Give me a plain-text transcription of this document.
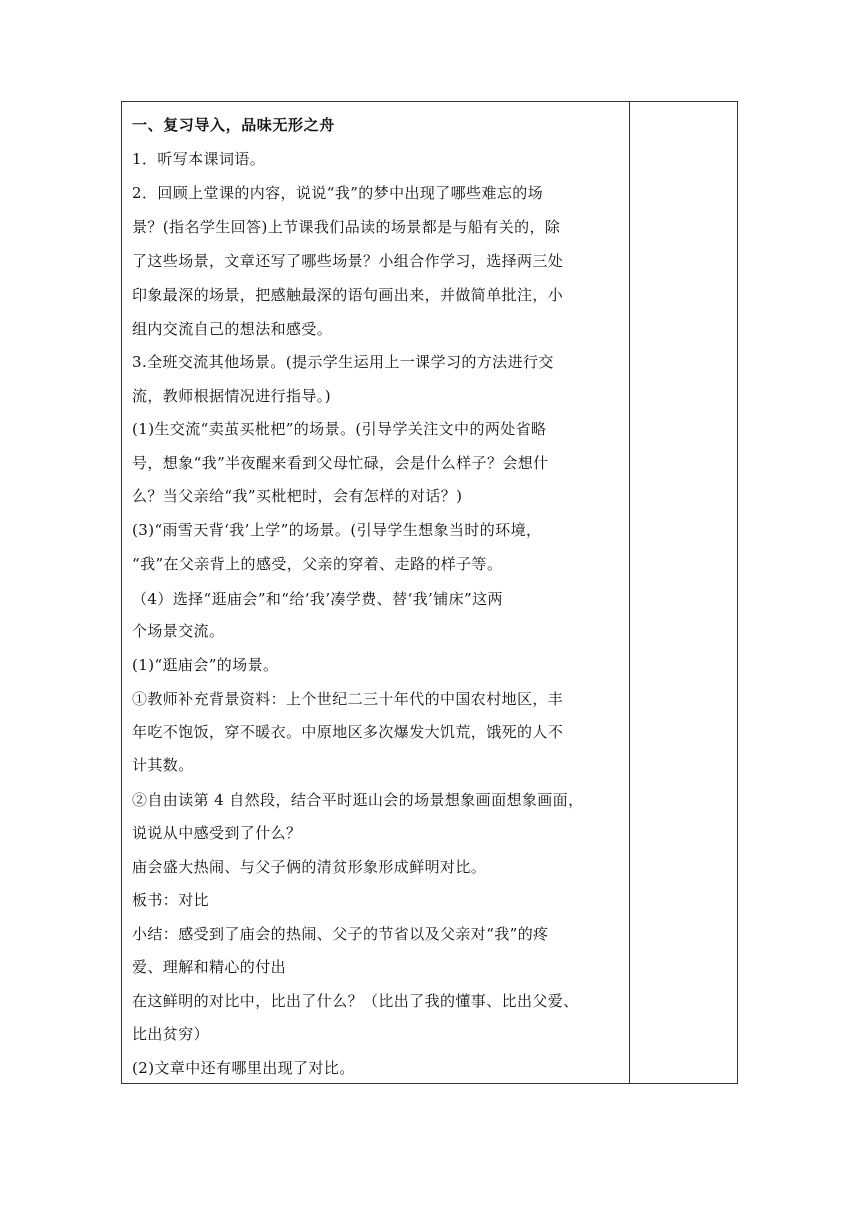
一、复习导入，品味无形之舟
1．听写本课词语。
2．回顾上堂课的内容，说说“我”的梦中出现了哪些难忘的场
景？(指名学生回答)上节课我们品读的场景都是与船有关的，除
了这些场景，文章还写了哪些场景？小组合作学习，选择两三处
印象最深的场景，把感触最深的语句画出来，并做简单批注，小
组内交流自己的想法和感受。
3.全班交流其他场景。(提示学生运用上一课学习的方法进行交
流，教师根据情况进行指导。)
(1)生交流“卖茧买枇杷”的场景。(引导学关注文中的两处省略
号，想象“我”半夜醒来看到父母忙碌，会是什么样子？会想什
么？当父亲给“我”买枇杷时，会有怎样的对话？)
(3)“雨雪天背‘我’上学”的场景。(引导学生想象当时的环境，
“我”在父亲背上的感受，父亲的穿着、走路的样子等。
（4）选择“逛庙会”和“给‘我’凑学费、替‘我’铺床”这两
个场景交流。
(1)“逛庙会”的场景。
①教师补充背景资料：上个世纪二三十年代的中国农村地区，丰
年吃不饱饭，穿不暖衣。中原地区多次爆发大饥荒，饿死的人不
计其数。
②自由读第 4 自然段，结合平时逛山会的场景想象画面想象画面，
说说从中感受到了什么？
庙会盛大热闹、与父子俩的清贫形象形成鲜明对比。
板书：对比
小结：感受到了庙会的热闹、父子的节省以及父亲对“我”的疼
爱、理解和精心的付出
在这鲜明的对比中，比出了什么？（比出了我的懂事、比出父爱、
比出贫穷）
(2)文章中还有哪里出现了对比。
